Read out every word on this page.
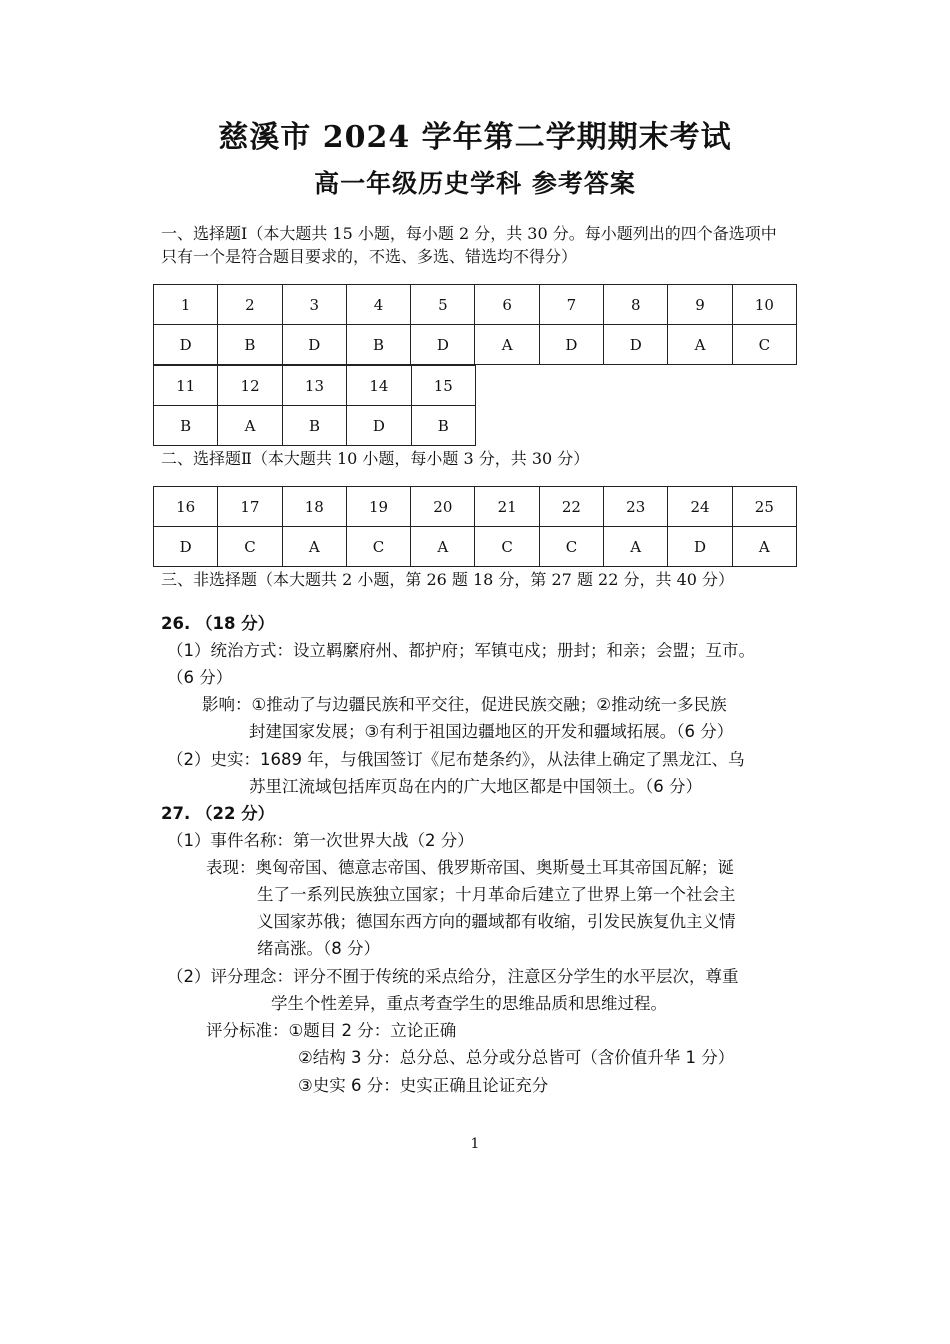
慈溪市 2024 学年第二学期期末考试
高一年级历史学科 参考答案
一、选择题Ⅰ（本大题共 15 小题，每小题 2 分，共 30 分。每小题列出的四个备选项中
只有一个是符合题目要求的，不选、多选、错选均不得分）
1	2	3	4	5	6	7	8	9	10
D	B	D	B	D	A	D	D	A	C
11	12	13	14	15
B	A	B	D	B
二、选择题Ⅱ（本大题共 10 小题，每小题 3 分，共 30 分）
16	17	18	19	20	21	22	23	24	25
D	C	A	C	A	C	C	A	D	A
三、非选择题（本大题共 2 小题，第 26 题 18 分，第 27 题 22 分，共 40 分）
26. （18 分）
（1）统治方式：设立羁縻府州、都护府；军镇屯戍；册封；和亲；会盟；互市。
（6 分）
影响：①推动了与边疆民族和平交往，促进民族交融；②推动统一多民族
封建国家发展；③有利于祖国边疆地区的开发和疆域拓展。（6 分）
（2）史实：1689 年，与俄国签订《尼布楚条约》，从法律上确定了黑龙江、乌
苏里江流域包括库页岛在内的广大地区都是中国领土。（6 分）
27. （22 分）
（1）事件名称：第一次世界大战（2 分）
表现：奥匈帝国、德意志帝国、俄罗斯帝国、奥斯曼土耳其帝国瓦解；诞
生了一系列民族独立国家；十月革命后建立了世界上第一个社会主
义国家苏俄；德国东西方向的疆域都有收缩，引发民族复仇主义情
绪高涨。（8 分）
（2）评分理念：评分不囿于传统的采点给分，注意区分学生的水平层次，尊重
学生个性差异，重点考查学生的思维品质和思维过程。
评分标准：①题目 2 分：立论正确
②结构 3 分：总分总、总分或分总皆可（含价值升华 1 分）
③史实 6 分：史实正确且论证充分
1
